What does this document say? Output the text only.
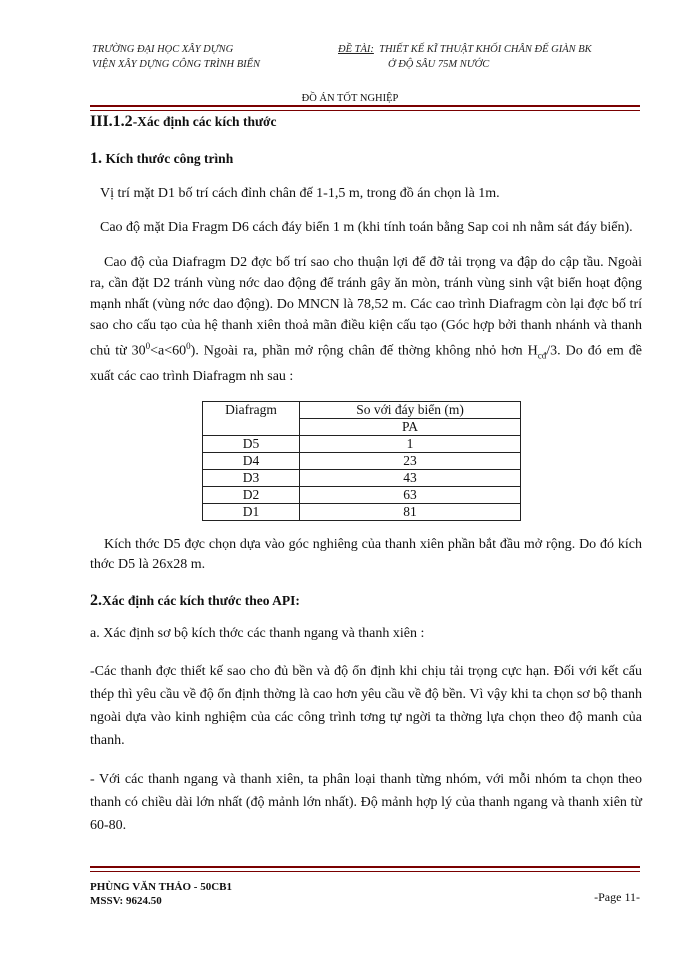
TRƯỜNG ĐẠI HỌC XÂY DỰNG
VIỆN XÂY DỰNG CÔNG TRÌNH BIỂN
ĐỀ TÀI: THIẾT KẾ KĨ THUẬT KHỐI CHÂN ĐẾ GIÀN BK
Ở ĐỘ SÂU 75M NƯỚC
ĐỒ ÁN TỐT NGHIỆP
III.1.2-Xác định các kích thước
1. Kích thước công trình

Vị trí mặt D1 bố trí cách đỉnh chân đế 1-1,5 m, trong đồ án chọn là 1m.

Cao độ mặt Dia Fragm D6 cách đáy biển 1 m (khi tính toán bằng Sap coi nh nằm sát đáy biển).

Cao độ của Diafragm D2 đợc bố trí sao cho thuận lợi để đỡ tải trọng va đập do cập tầu. Ngoài ra, cần đặt D2 tránh vùng nớc dao động để tránh gây ăn mòn, tránh vùng sinh vật biển hoạt động mạnh nhất (vùng nớc dao động). Do MNCN là 78,52 m. Các cao trình Diafragm còn lại đợc bố trí sao cho cấu tạo của hệ thanh xiên thoả mãn điều kiện cấu tạo (Góc hợp bởi thanh nhánh và thanh chủ từ $30^0<a<60^0$). Ngoài ra, phần mở rộng chân đế thờng không nhỏ hơn $H_{cđ}/3$. Do đó em đề xuất các cao trình Diafragm nh sau :

Diafragm	So với đáy biển (m)
	PA
D5	1
D4	23
D3	43
D2	63
D1	81

Kích thớc D5 đợc chọn dựa vào góc nghiêng của thanh xiên phần bắt đầu mở rộng. Do đó kích thớc D5 là 26x28 m.

2.Xác định các kích thước theo API:

a. Xác định sơ bộ kích thớc các thanh ngang và thanh xiên :

-Các thanh đợc thiết kế sao cho đủ bền và độ ổn định khi chịu tải trọng cực hạn. Đối với kết cấu thép thì yêu cầu về độ ổn định thờng là cao hơn yêu cầu về độ bền. Vì vậy khi ta chọn sơ bộ thanh ngoài dựa vào kinh nghiệm của các công trình tơng tự ngời ta thờng lựa chọn theo độ manh của thanh.

- Với các thanh ngang và thanh xiên, ta phân loại thanh từng nhóm, với mỗi nhóm ta chọn theo thanh có chiều dài lớn nhất (độ mảnh lớn nhất). Độ mảnh hợp lý của thanh ngang và thanh xiên từ 60-80.

PHÙNG VĂN THẢO - 50CB1
MSSV: 9624.50	-Page 11-
